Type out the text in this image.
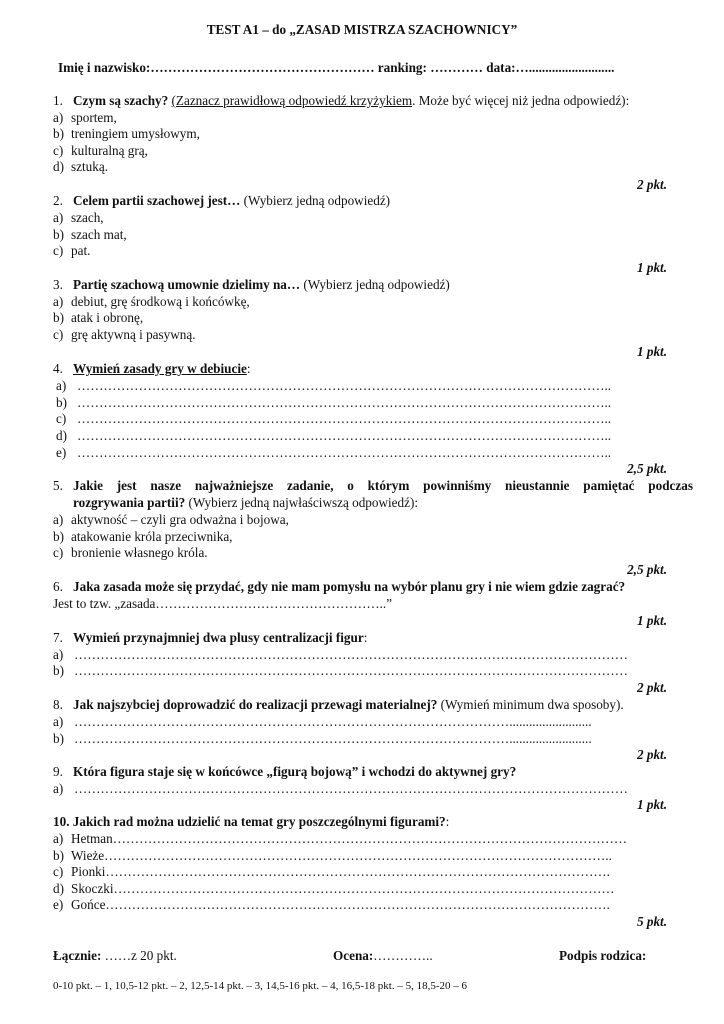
TEST A1 – do „ZASAD MISTRZA SZACHOWNICY”
Imię i nazwisko:…………………………………………… ranking: ………… data:…..........................
1. Czym są szachy? (Zaznacz prawidłową odpowiedź krzyżykiem. Może być więcej niż jedna odpowiedź):
a) sportem,
b) treningiem umysłowym,
c) kulturalną grą,
d) sztuką.
2 pkt.
2. Celem partii szachowej jest… (Wybierz jedną odpowiedź)
a) szach,
b) szach mat,
c) pat.
1 pkt.
3. Partię szachową umownie dzielimy na… (Wybierz jedną odpowiedź)
a) debiut, grę środkową i końcówkę,
b) atak i obronę,
c) grę aktywną i pasywną.
1 pkt.
4. Wymień zasady gry w debiucie:
a)
b)
c)
d)
e)
…………………………………………………………………………………………………………..
…………………………………………………………………………………………………………..
…………………………………………………………………………………………………………..
…………………………………………………………………………………………………………..
…………………………………………………………………………………………………………..
2,5 pkt.
5. Jakie jest nasze najważniejsze zadanie, o którym powinniśmy nieustannie pamiętać podczas
rozgrywania partii? (Wybierz jedną najwłaściwszą odpowiedź):
a) aktywność – czyli gra odważna i bojowa,
b) atakowanie króla przeciwnika,
c) bronienie własnego króla.
2,5 pkt.
6. Jaka zasada może się przydać, gdy nie mam pomysłu na wybór planu gry i nie wiem gdzie zagrać?
Jest to tzw. „zasada……………………………………………..”
1 pkt.
7. Wymień przynajmniej dwa plusy centralizacji figur:
a)
b)
………………………………………………………………………………………………………………
………………………………………………………………………………………………………………
2 pkt.
8. Jak najszybciej doprowadzić do realizacji przewagi materialnej? (Wymień minimum dwa sposoby).
a)
b)
……………………………………………………………………………………….........................
……………………………………………………………………………………….........................
2 pkt.
9. Która figura staje się w końcówce „figurą bojową” i wchodzi do aktywnej gry?
a) ………………………………………………………………………………………………………………
1 pkt.
10. Jakich rad można udzielić na temat gry poszczególnymi figurami?:
a) Hetman………………………………………………………………………………………………………
b) Wieże……………………………………………………………………………………………………..
c) Pionki…………………………………………………………………………………………………….
d) Skoczki……………………………………………………………………………………………………
e) Gońce…………………………………………………………………………………………………….
5 pkt.
Łącznie: ……z 20 pkt.	Ocena:…………..	Podpis rodzica:
0-10 pkt. – 1, 10,5-12 pkt. – 2, 12,5-14 pkt. – 3, 14,5-16 pkt. – 4, 16,5-18 pkt. – 5, 18,5-20 – 6
